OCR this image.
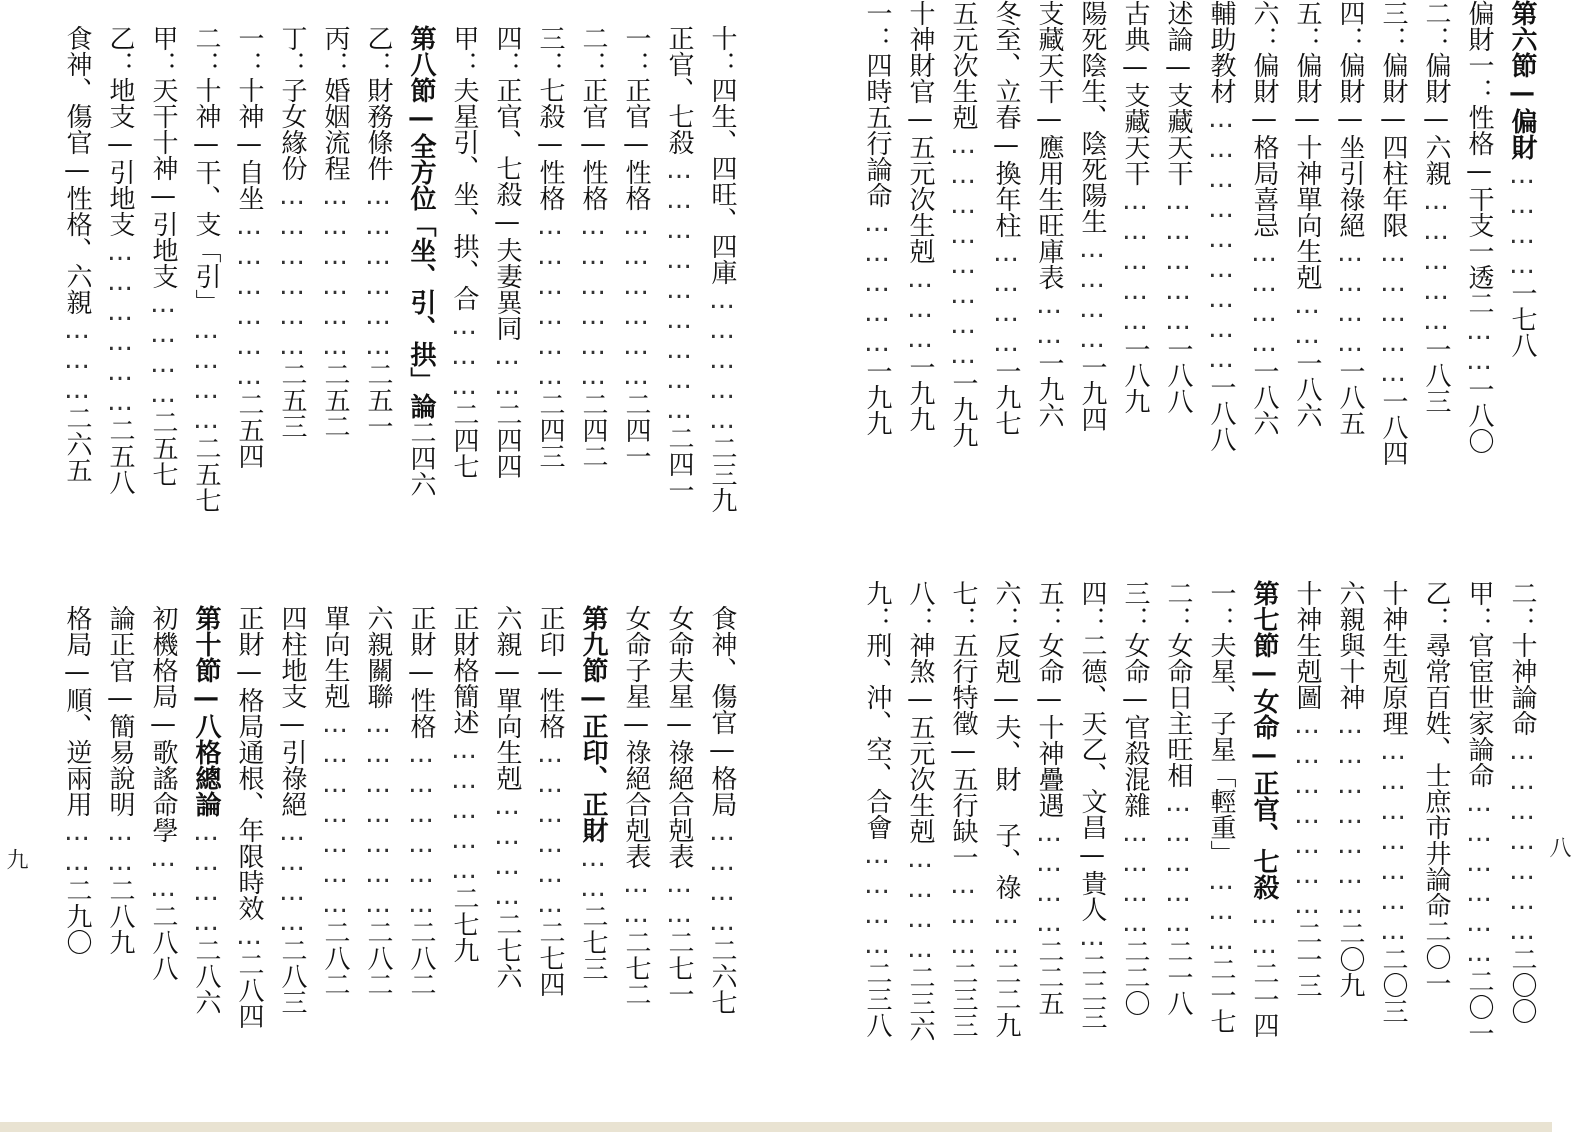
第六節—偏財…………一七八
偏財一：性格—干支一透二……一八〇
二：偏財—六親……………一八三
三：偏財—四柱年限……………一八四
四：偏財—坐引祿絕…………一八五
五：偏財—十神單向生剋……一八六
六：偏財—格局喜忌…………一八六
輔助教材………………………一八八
述論—支藏天干……………一八八
古典—支藏天干……………一八九
陽死陰生、陰死陽生…………一九四
支藏天干—應用生旺庫表……一九六
冬至、立春—換年柱…………一九七
五元次生剋……………………一九九
十神財官—五元次生剋………一九九
一：四時五行論命……………一九九
二：十神論命…………………二〇〇
甲：官宦世家論命………………二〇一
乙：尋常百姓、士庶市井論命二〇一
十神生剋原理…………………二〇三
六親與十神…………………二〇九
十神生剋圖…………………二一三
第七節—女命—正官、七殺……二一四
一：夫星、子星「輕重」………二一七
二：女命日主旺相……………二一八
三：女命—官殺混雜…………二二〇
四：二德、天乙、文昌—貴人…二二三
五：女命—十神疊遇…………二二五
六：反剋—夫、財 子、祿……二二九
七：五行特徵—五行缺一………二三三
八：神煞—五元次生剋…………二三六
九：刑、沖、空、合會…………二三八
十：四生、四旺、四庫……………二三九
正官、七殺………………………二四一
一：正官—性格………………二四一
二：正官—性格………………二四二
三：七殺—性格………………二四三
四：正官、七殺—夫妻異同……二四四
甲：夫星引、坐、拱、合………二四七
第八節—全方位「坐、引、拱」論二四六
乙：財務條件………………二五一
丙：婚姻流程………………二五二
丁：子女緣份………………二五三
一：十神—自坐………………二五四
二：十神—干、支「引」…………二五七
甲：天干十神—引地支…………二五七
乙：地支—引地支………………二五八
食神、傷官—性格、六親………二六五
食神、傷官—格局…………二六七
女命夫星—祿絕合剋表……二七一
女命子星—祿絕合剋表……二七二
第九節—正印、正財……二七三
正印—性格………………二七四
六親—單向生剋…………二七六
正財格簡述……………二七九
正財—性格………………二八二
六親關聯…………………二八二
單向生剋…………………二八二
四柱地支—引祿絕…………二八三
正財—格局通根、年限時效…二八四
第十節—八格總論…………二八六
初機格局—歌謠命學……二八八
論正官—簡易說明……二八九
格局—順、逆兩用……二九〇
九
八
